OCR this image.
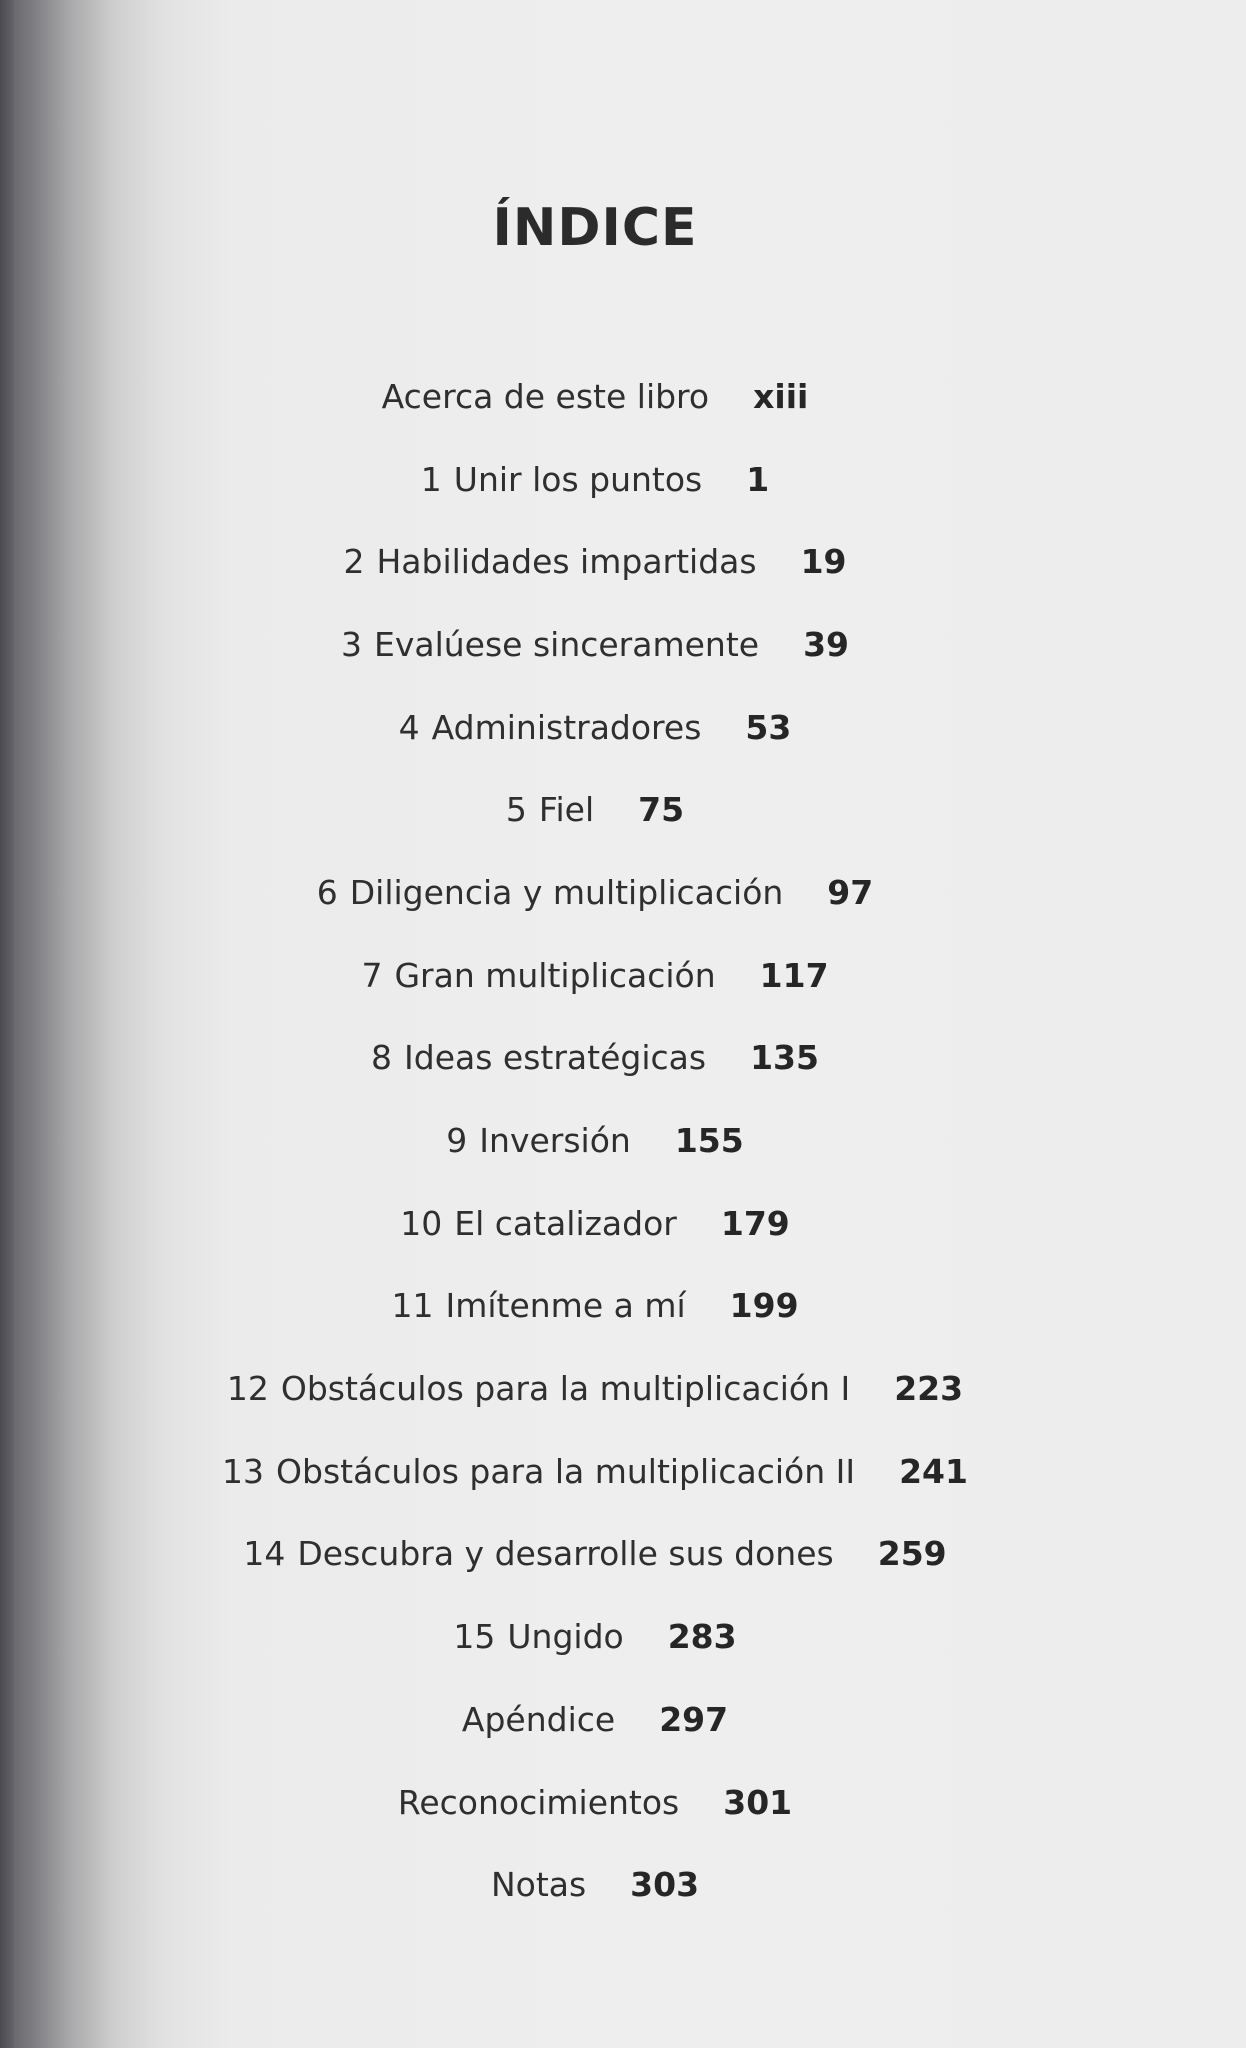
ÍNDICE
Acerca de este libro xiii
1 Unir los puntos 1
2 Habilidades impartidas 19
3 Evalúese sinceramente 39
4 Administradores 53
5 Fiel 75
6 Diligencia y multiplicación 97
7 Gran multiplicación 117
8 Ideas estratégicas 135
9 Inversión 155
10 El catalizador 179
11 Imítenme a mí 199
12 Obstáculos para la multiplicación I 223
13 Obstáculos para la multiplicación II 241
14 Descubra y desarrolle sus dones 259
15 Ungido 283
Apéndice 297
Reconocimientos 301
Notas 303
